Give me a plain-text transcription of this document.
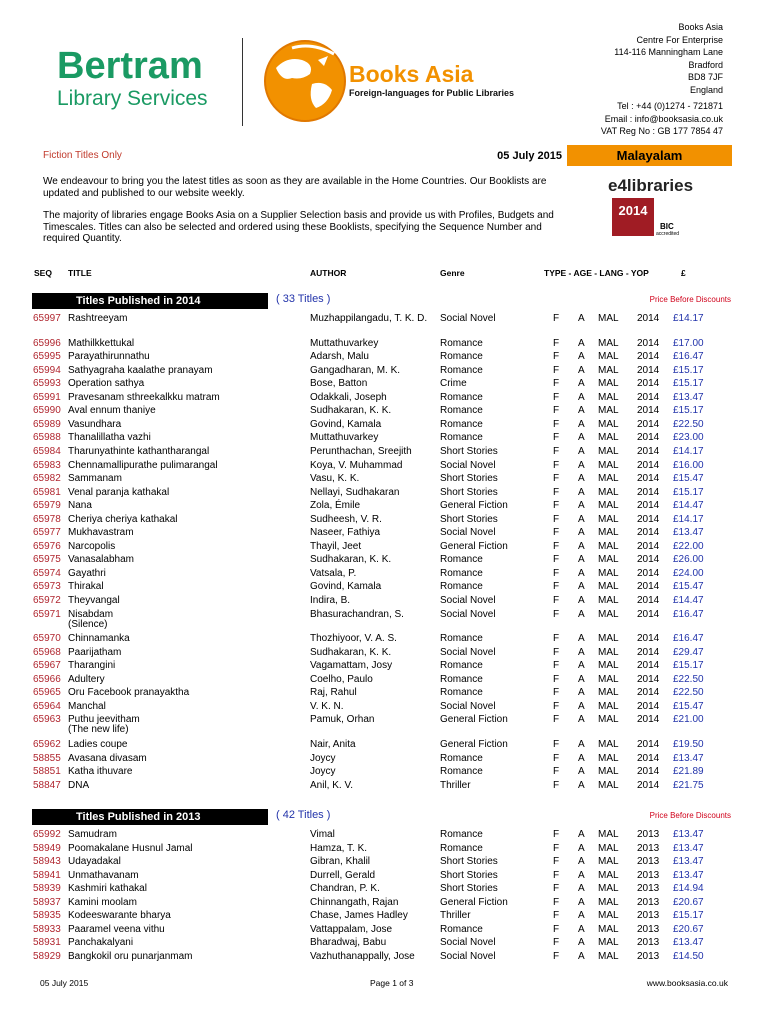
Bertram
Library Services
Books Asia
Foreign-languages for Public Libraries
Books Asia
Centre For Enterprise
114-116 Manningham Lane
Bradford
BD8 7JF
England
Tel : +44 (0)1274 - 721871
Email : info@booksasia.co.uk
VAT Reg No : GB 177 7854 47
Fiction Titles Only	05 July 2015	Malayalam
We endeavour to bring you the latest titles as soon as they are available in the Home Countries. Our Booklists are updated and published to our website weekly.
The majority of libraries engage Books Asia on a Supplier Selection basis and provide us with Profiles, Budgets and Timescales. Titles can also be selected and ordered using these Booklists, specifying the Sequence Number and required Quantity.
e4libraries
2014
BIC
accredited
SEQ TITLE	AUTHOR	Genre	TYPE - AGE - LANG - YOP	£
Titles Published in 2014	( 33 Titles )	Price Before Discounts
65997 Rashtreeyam	Muzhappilangadu, T. K. D.	Social Novel	F A MAL 2014 £14.17
65996 Mathilkkettukal	Muttathuvarkey	Romance	F A MAL 2014 £17.00
65995 Parayathirunnathu	Adarsh, Malu	Romance	F A MAL 2014 £16.47
65994 Sathyagraha kaalathe pranayam	Gangadharan, M. K.	Romance	F A MAL 2014 £15.17
65993 Operation sathya	Bose, Batton	Crime	F A MAL 2014 £15.17
65991 Pravesanam sthreekalkku matram	Odakkali, Joseph	Romance	F A MAL 2014 £13.47
65990 Aval ennum thaniye	Sudhakaran, K. K.	Romance	F A MAL 2014 £15.17
65989 Vasundhara	Govind, Kamala	Romance	F A MAL 2014 £22.50
65988 Thanalillatha vazhi	Muttathuvarkey	Romance	F A MAL 2014 £23.00
65984 Tharunyathinte kathantharangal	Perunthachan, Sreejith	Short Stories	F A MAL 2014 £14.17
65983 Chennamallipurathe pulimarangal	Koya, V. Muhammad	Social Novel	F A MAL 2014 £16.00
65982 Sammanam	Vasu, K. K.	Short Stories	F A MAL 2014 £15.47
65981 Venal paranja kathakal	Nellayi, Sudhakaran	Short Stories	F A MAL 2014 £15.17
65979 Nana	Zola, Émile	General Fiction	F A MAL 2014 £14.47
65978 Cheriya cheriya kathakal	Sudheesh, V. R.	Short Stories	F A MAL 2014 £14.17
65977 Mukhavastram	Naseer, Fathiya	Social Novel	F A MAL 2014 £13.47
65976 Narcopolis	Thayil, Jeet	General Fiction	F A MAL 2014 £22.00
65975 Vanasalabham	Sudhakaran, K. K.	Romance	F A MAL 2014 £26.00
65974 Gayathri	Vatsala, P.	Romance	F A MAL 2014 £24.00
65973 Thirakal	Govind, Kamala	Romance	F A MAL 2014 £15.47
65972 Theyvangal	Indira, B.	Social Novel	F A MAL 2014 £14.47
65971 Nisabdam	Bhasurachandran, S.	Social Novel	F A MAL 2014 £16.47
(Silence)
65970 Chinnamanka	Thozhiyoor, V. A. S.	Romance	F A MAL 2014 £16.47
65968 Paarijatham	Sudhakaran, K. K.	Social Novel	F A MAL 2014 £29.47
65967 Tharangini	Vagamattam, Josy	Romance	F A MAL 2014 £15.17
65966 Adultery	Coelho, Paulo	Romance	F A MAL 2014 £22.50
65965 Oru Facebook pranayaktha	Raj, Rahul	Romance	F A MAL 2014 £22.50
65964 Manchal	V. K. N.	Social Novel	F A MAL 2014 £15.47
65963 Puthu jeevitham	Pamuk, Orhan	General Fiction	F A MAL 2014 £21.00
(The new life)
65962 Ladies coupe	Nair, Anita	General Fiction	F A MAL 2014 £19.50
58855 Avasana divasam	Joycy	Romance	F A MAL 2014 £13.47
58851 Katha ithuvare	Joycy	Romance	F A MAL 2014 £21.89
58847 DNA	Anil, K. V.	Thriller	F A MAL 2014 £21.75
Titles Published in 2013	( 42 Titles )	Price Before Discounts
65992 Samudram	Vimal	Romance	F A MAL 2013 £13.47
58949 Poomakalane Husnul Jamal	Hamza, T. K.	Romance	F A MAL 2013 £13.47
58943 Udayadakal	Gibran, Khalil	Short Stories	F A MAL 2013 £13.47
58941 Unmathavanam	Durrell, Gerald	Short Stories	F A MAL 2013 £13.47
58939 Kashmiri kathakal	Chandran, P. K.	Short Stories	F A MAL 2013 £14.94
58937 Kamini moolam	Chinnangath, Rajan	General Fiction	F A MAL 2013 £20.67
58935 Kodeeswarante bharya	Chase, James Hadley	Thriller	F A MAL 2013 £15.17
58933 Paaramel veena vithu	Vattappalam, Jose	Romance	F A MAL 2013 £20.67
58931 Panchakalyani	Bharadwaj, Babu	Social Novel	F A MAL 2013 £13.47
58929 Bangkokil oru punarjanmam	Vazhuthanappally, Jose	Social Novel	F A MAL 2013 £14.50
05 July 2015	Page 1 of 3	www.booksasia.co.uk
